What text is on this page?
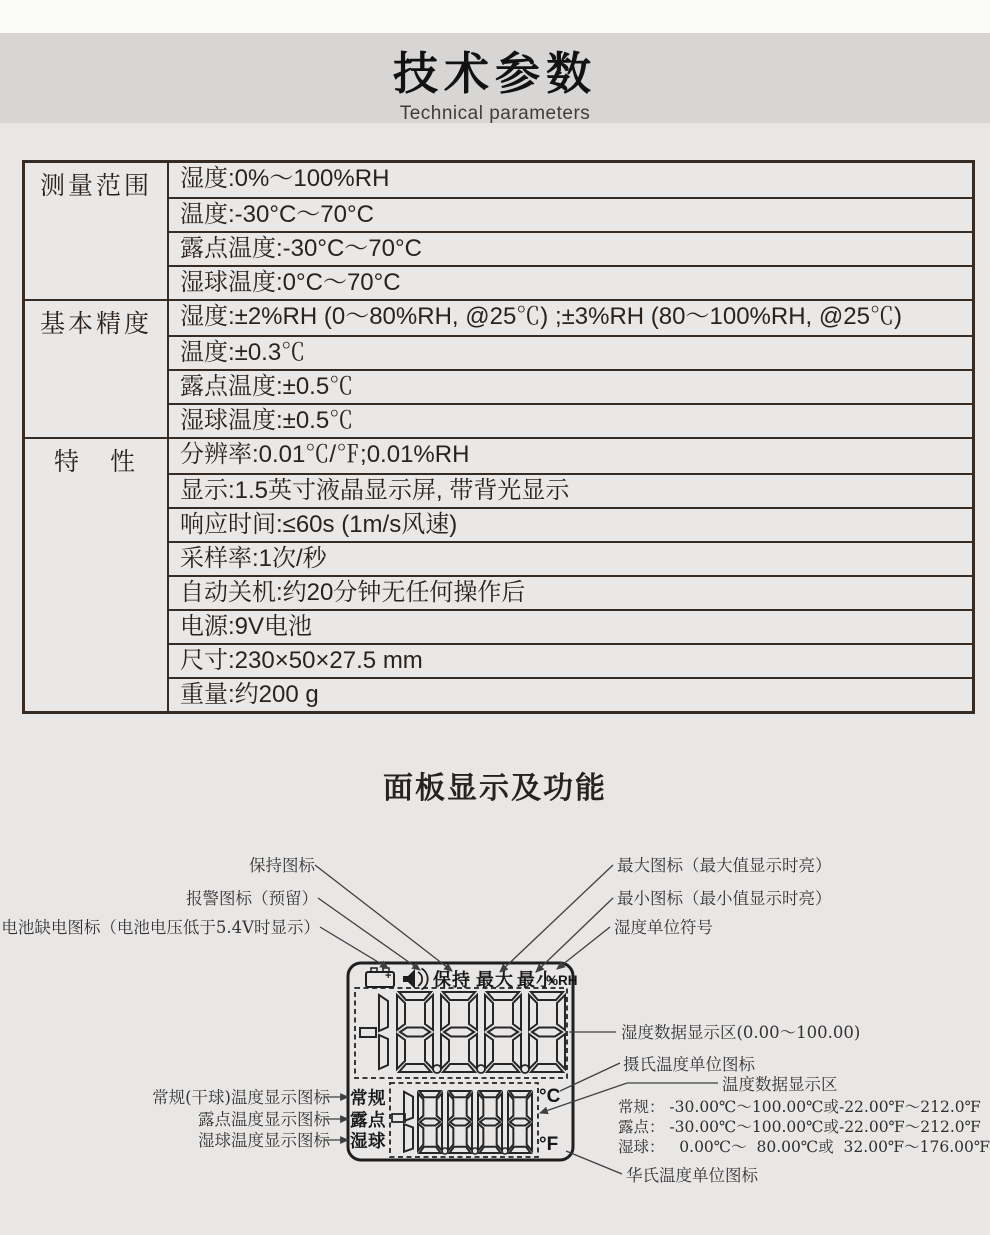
技术参数
Technical parameters
测量范围	湿度:0%～100%RH
温度:-30°C～70°C
露点温度:-30°C～70°C
湿球温度:0°C～70°C
基本精度	湿度:±2%RH (0～80%RH, @25℃) ;±3%RH (80～100%RH, @25℃)
温度:±0.3℃
露点温度:±0.5℃
湿球温度:±0.5℃
特　性	分辨率:0.01℃/℉;0.01%RH
显示:1.5英寸液晶显示屏, 带背光显示
响应时间:≤60s (1m/s风速)
采样率:1次/秒
自动关机:约20分钟无任何操作后
电源:9V电池
尺寸:230×50×27.5 mm
重量:约200 g
面板显示及功能
+ 保持 最大 最小
%RH
常规
露点
湿球
°C
°F
保持图标
报警图标（预留）
电池缺电图标（电池电压低于5.4V时显示）
最大图标（最大值显示时亮）
最小图标（最小值显示时亮）
湿度单位符号
湿度数据显示区(0.00～100.00)
摄氏温度单位图标
温度数据显示区
常规： -30.00℃～100.00℃或-22.00℉～212.0℉
露点： -30.00℃～100.00℃或-22.00℉～212.0℉
湿球：   0.00℃～  80.00℃或  32.00℉～176.00℉
华氏温度单位图标
常规(干球)温度显示图标
露点温度显示图标
湿球温度显示图标
